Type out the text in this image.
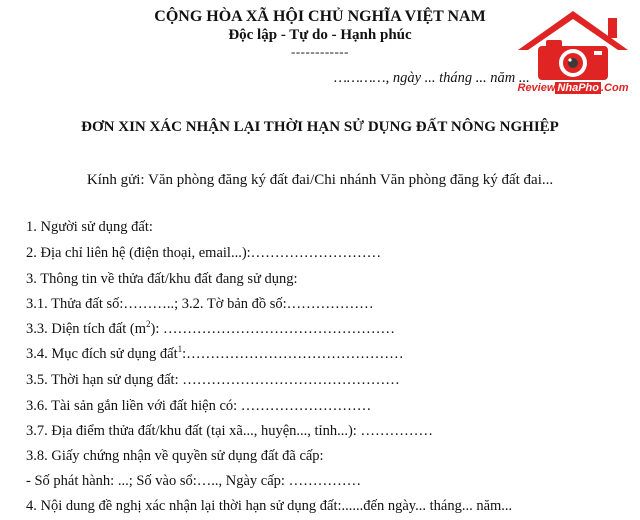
CỘNG HÒA XÃ HỘI CHỦ NGHĨA VIỆT NAM
Độc lập - Tự do - Hạnh phúc
------------
…………, ngày ... tháng ... năm ...
Review NhaPho .Com
ĐƠN XIN XÁC NHẬN LẠI THỜI HẠN SỬ DỤNG ĐẤT NÔNG NGHIỆP
Kính gửi: Văn phòng đăng ký đất đai/Chi nhánh Văn phòng đăng ký đất đai...
1. Người sử dụng đất:
2. Địa chỉ liên hệ (điện thoại, email...):………………………
3. Thông tin về thửa đất/khu đất đang sử dụng:
3.1. Thửa đất số:………..; 3.2. Tờ bản đồ số:………………
3.3. Diện tích đất $(m^2)$: …………………………………………
3.4. Mục đích sử dụng đất$^1$:………………………………………
3.5. Thời hạn sử dụng đất: ………………………………………
3.6. Tài sản gắn liền với đất hiện có: ………………………
3.7. Địa điểm thửa đất/khu đất (tại xã..., huyện..., tỉnh...): ……………
3.8. Giấy chứng nhận về quyền sử dụng đất đã cấp:
- Số phát hành: ...; Số vào sổ:….., Ngày cấp: ……………
4. Nội dung đề nghị xác nhận lại thời hạn sử dụng đất:......đến ngày... tháng... năm...
